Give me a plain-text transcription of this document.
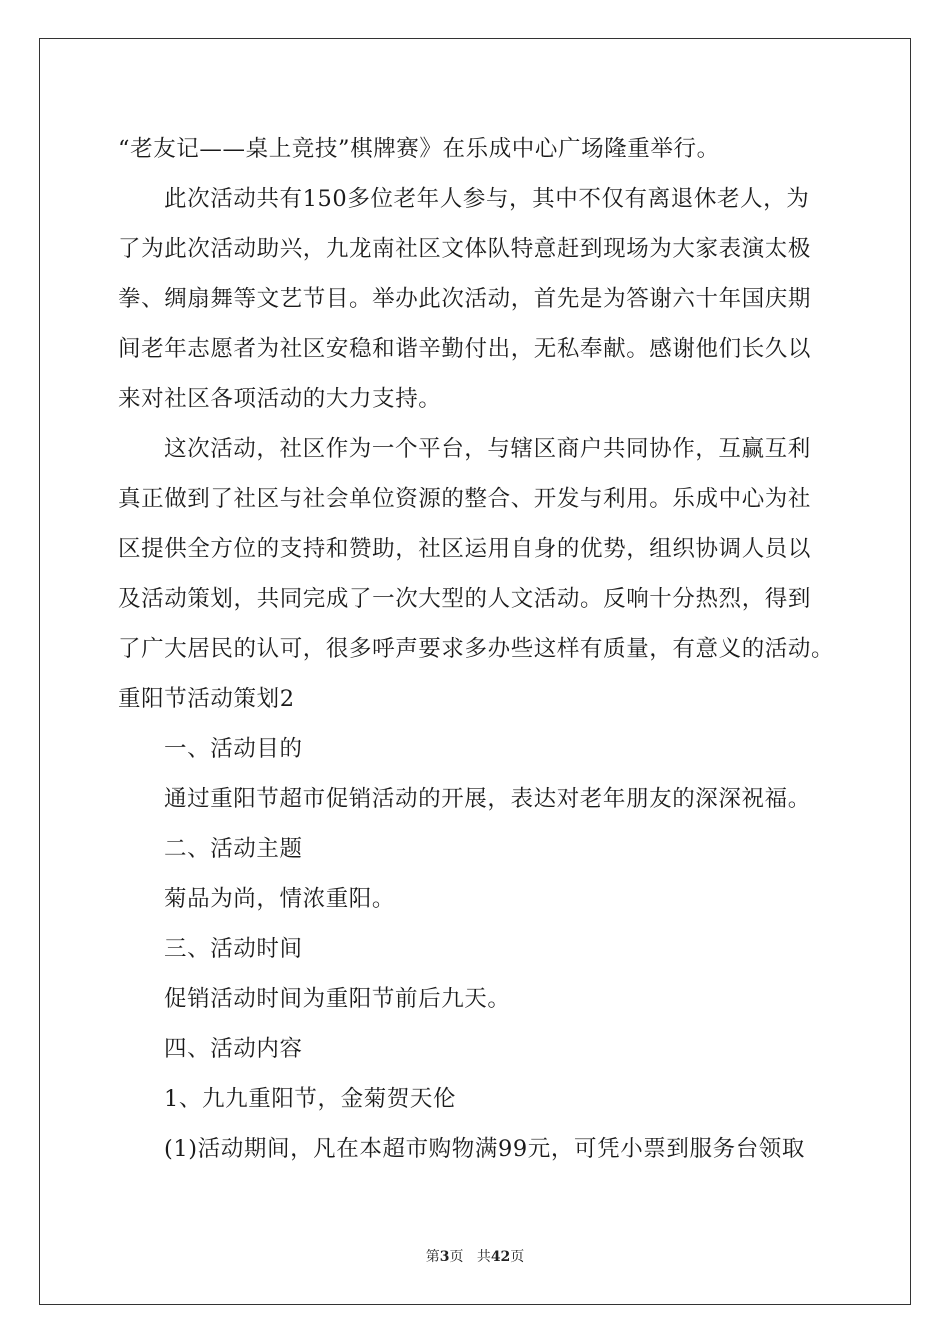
“老友记——桌上竞技”棋牌赛》在乐成中心广场隆重举行。
此次活动共有150多位老年人参与，其中不仅有离退休老人，为
了为此次活动助兴，九龙南社区文体队特意赶到现场为大家表演太极
拳、绸扇舞等文艺节目。举办此次活动，首先是为答谢六十年国庆期
间老年志愿者为社区安稳和谐辛勤付出，无私奉献。感谢他们长久以
来对社区各项活动的大力支持。
这次活动，社区作为一个平台，与辖区商户共同协作，互赢互利
真正做到了社区与社会单位资源的整合、开发与利用。乐成中心为社
区提供全方位的支持和赞助，社区运用自身的优势，组织协调人员以
及活动策划，共同完成了一次大型的人文活动。反响十分热烈，得到
了广大居民的认可，很多呼声要求多办些这样有质量，有意义的活动。
重阳节活动策划2
一、活动目的
通过重阳节超市促销活动的开展，表达对老年朋友的深深祝福。
二、活动主题
菊品为尚，情浓重阳。
三、活动时间
促销活动时间为重阳节前后九天。
四、活动内容
1、九九重阳节，金菊贺天伦
(1)活动期间，凡在本超市购物满99元，可凭小票到服务台领取
第3页 共42页
